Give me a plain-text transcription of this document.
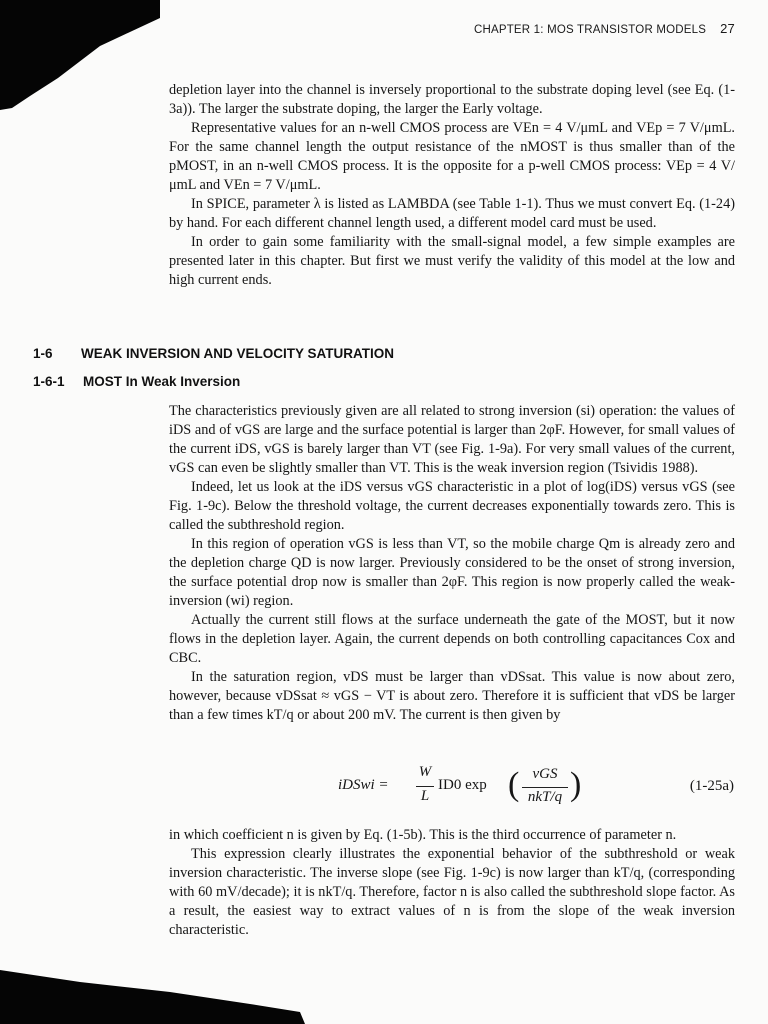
CHAPTER 1: MOS TRANSISTOR MODELS 27

depletion layer into the channel is inversely proportional to the substrate doping level (see Eq. (1-3a)). The larger the substrate doping, the larger the Early voltage.

Representative values for an n-well CMOS process are VEn = 4 V/μmL and VEp = 7 V/μmL. For the same channel length the output resistance of the nMOST is thus smaller than of the pMOST, in an n-well CMOS process. It is the opposite for a p-well CMOS process: VEp = 4 V/μmL and VEn = 7 V/μmL.

In SPICE, parameter λ is listed as LAMBDA (see Table 1-1). Thus we must convert Eq. (1-24) by hand. For each different channel length used, a different model card must be used.

In order to gain some familiarity with the small-signal model, a few simple examples are presented later in this chapter. But first we must verify the validity of this model at the low and high current ends.

1-6 WEAK INVERSION AND VELOCITY SATURATION
1-6-1 MOST In Weak Inversion

The characteristics previously given are all related to strong inversion (si) operation: the values of iDS and of vGS are large and the surface potential is larger than 2φF. However, for small values of the current iDS, vGS is barely larger than VT (see Fig. 1-9a). For very small values of the current, vGS can even be slightly smaller than VT. This is the weak inversion region (Tsividis 1988).

Indeed, let us look at the iDS versus vGS characteristic in a plot of log(iDS) versus vGS (see Fig. 1-9c). Below the threshold voltage, the current decreases exponentially towards zero. This is called the subthreshold region.

In this region of operation vGS is less than VT, so the mobile charge Qm is already zero and the depletion charge QD is now larger. Previously considered to be the onset of strong inversion, the surface potential drop now is smaller than 2φF. This region is now properly called the weak-inversion (wi) region.

Actually the current still flows at the surface underneath the gate of the MOST, but it now flows in the depletion layer. Again, the current depends on both controlling capacitances Cox and CBC.

In the saturation region, vDS must be larger than vDSsat. This value is now about zero, however, because vDSsat ≈ vGS − VT is about zero. Therefore it is sufficient that vDS be larger than a few times kT/q or about 200 mV. The current is then given by

iDSwi =
W
L
ID0 exp ( vGS
nkT/q )	(1-25a)

in which coefficient n is given by Eq. (1-5b). This is the third occurrence of parameter n.

This expression clearly illustrates the exponential behavior of the subthreshold or weak inversion characteristic. The inverse slope (see Fig. 1-9c) is now larger than kT/q, (corresponding with 60 mV/decade); it is nkT/q. Therefore, factor n is also called the subthreshold slope factor. As a result, the easiest way to extract values of n is from the slope of the weak inversion characteristic.
